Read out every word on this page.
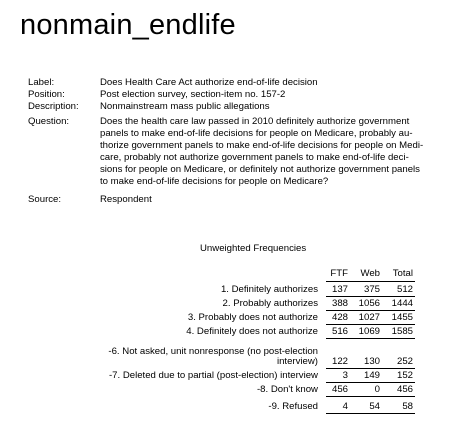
nonmain_endlife
Label:	Does Health Care Act authorize end-of-life decision
Position:	Post election survey, section-item no. 157-2
Description:	Nonmainstream mass public allegations
Question:	Does the health care law passed in 2010 definitely authorize government
panels to make end-of-life decisions for people on Medicare, probably au-
thorize government panels to make end-of-life decisions for people on Medi-
care, probably not authorize government panels to make end-of-life deci-
sions for people on Medicare, or definitely not authorize government panels
to make end-of-life decisions for people on Medicare?
Source:	Respondent
Unweighted Frequencies
FTF	Web	Total
1. Definitely authorizes	137	375	512
2. Probably authorizes	388	1056	1444
3. Probably does not authorize	428	1027	1455
4. Definitely does not authorize	516	1069	1585
-6. Not asked, unit nonresponse (no post-election
interview)	122	130	252
-7. Deleted due to partial (post-election) interview	3	149	152
-8. Don't know	456	0	456
-9. Refused	4	54	58
